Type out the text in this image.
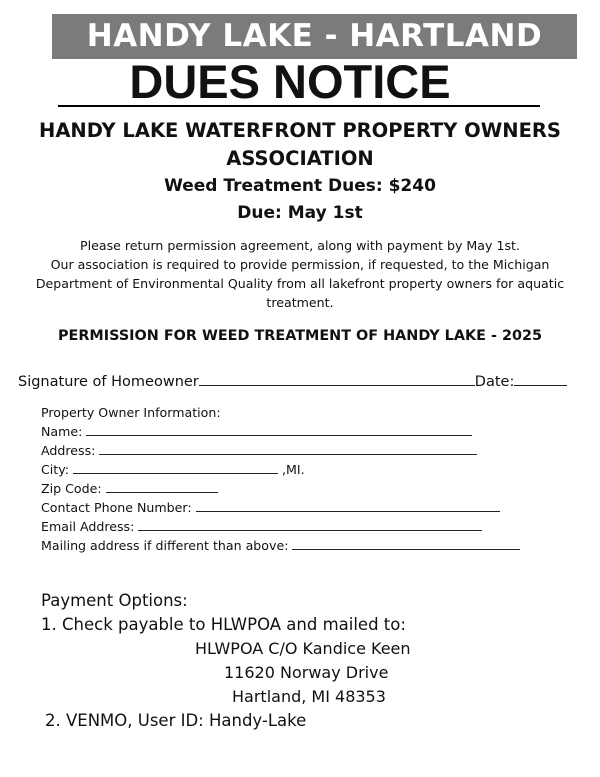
HANDY LAKE - HARTLAND
DUES NOTICE
HANDY LAKE WATERFRONT PROPERTY OWNERS
ASSOCIATION
Weed Treatment Dues: $240
Due: May 1st
Please return permission agreement, along with payment by May 1st.
Our association is required to provide permission, if requested, to the Michigan
Department of Environmental Quality from all lakefront property owners for aquatic
treatment.
PERMISSION FOR WEED TREATMENT OF HANDY LAKE - 2025
Signature of Homeowner	Date:
Property Owner Information:
Name:
Address:
City:	,MI.
Zip Code:
Contact Phone Number:
Email Address:
Mailing address if different than above:
Payment Options:
1. Check payable to HLWPOA and mailed to:
HLWPOA C/O Kandice Keen
11620 Norway Drive
Hartland, MI 48353
2. VENMO, User ID: Handy-Lake
